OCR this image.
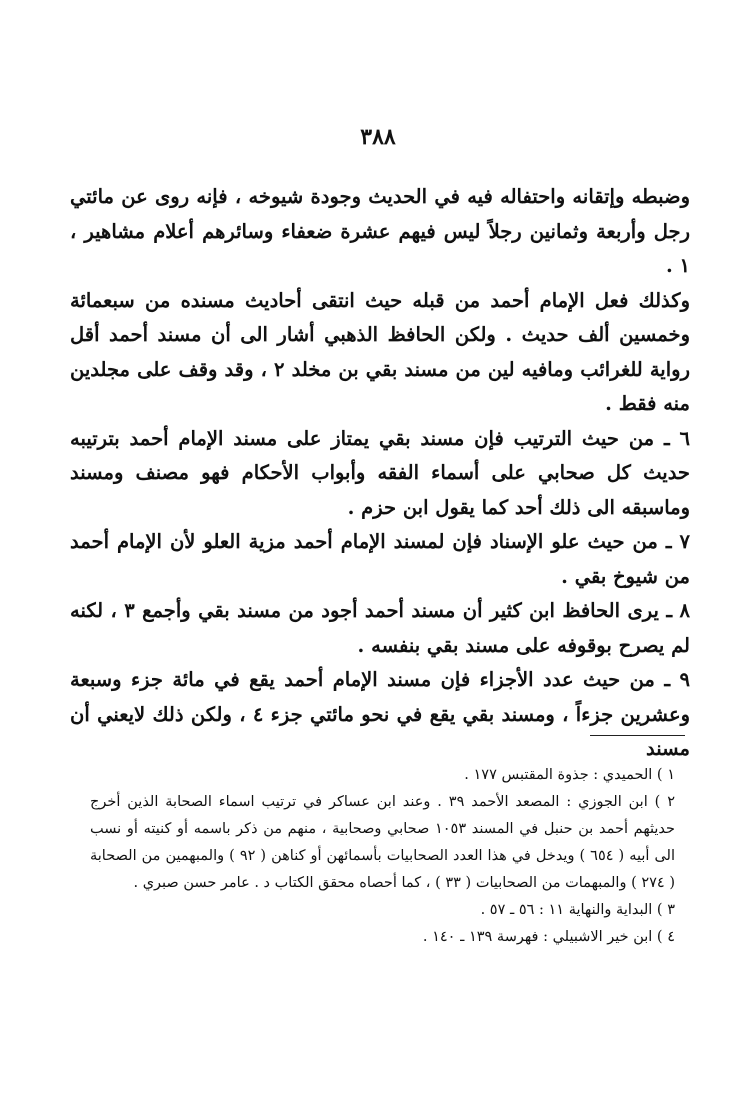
٣٨٨

وضبطه وإتقانه واحتفاله فيه في الحديث وجودة شيوخه ، فإنه روى عن مائتي رجل وأربعة وثمانين رجلاً ليس فيهم عشرة ضعفاء وسائرهم أعلام مشاهير ، ١ .

وكذلك فعل الإمام أحمد من قبله حيث انتقى أحاديث مسنده من سبعمائة وخمسين ألف حديث . ولكن الحافظ الذهبي أشار الى أن مسند أحمد أقل رواية للغرائب ومافيه لين من مسند بقي بن مخلد ٢ ، وقد وقف على مجلدين منه فقط .

٦ ـ من حيث الترتيب فإن مسند بقي يمتاز على مسند الإمام أحمد بترتيبه حديث كل صحابي على أسماء الفقه وأبواب الأحكام فهو مصنف ومسند وماسبقه الى ذلك أحد كما يقول ابن حزم .

٧ ـ من حيث علو الإسناد فإن لمسند الإمام أحمد مزية العلو لأن الإمام أحمد من شيوخ بقي .

٨ ـ يرى الحافظ ابن كثير أن مسند أحمد أجود من مسند بقي وأجمع ٣ ، لكنه لم يصرح بوقوفه على مسند بقي بنفسه .

٩ ـ من حيث عدد الأجزاء فإن مسند الإمام أحمد يقع في مائة جزء وسبعة وعشرين جزءاً ، ومسند بقي يقع في نحو مائتي جزء ٤ ، ولكن ذلك لايعني أن مسند

١ ) الحميدي : جذوة المقتبس ١٧٧ .

٢ ) ابن الجوزي : المصعد الأحمد ٣٩ . وعند ابن عساكر في ترتيب اسماء الصحابة الذين أخرج حديثهم أحمد بن حنبل في المسند ١٠٥٣ صحابي وصحابية ، منهم من ذكر باسمه أو كنيته أو نسب الى أبيه ( ٦٥٤ ) ويدخل في هذا العدد الصحابيات بأسمائهن أو كناهن ( ٩٢ ) والمبهمين من الصحابة ( ٢٧٤ ) والمبهمات من الصحابيات ( ٣٣ ) ، كما أحصاه محقق الكتاب د . عامر حسن صبري .

٣ ) البداية والنهاية ١١ : ٥٦ ـ ٥٧ .

٤ ) ابن خير الاشبيلي : فهرسة ١٣٩ ـ ١٤٠ .
